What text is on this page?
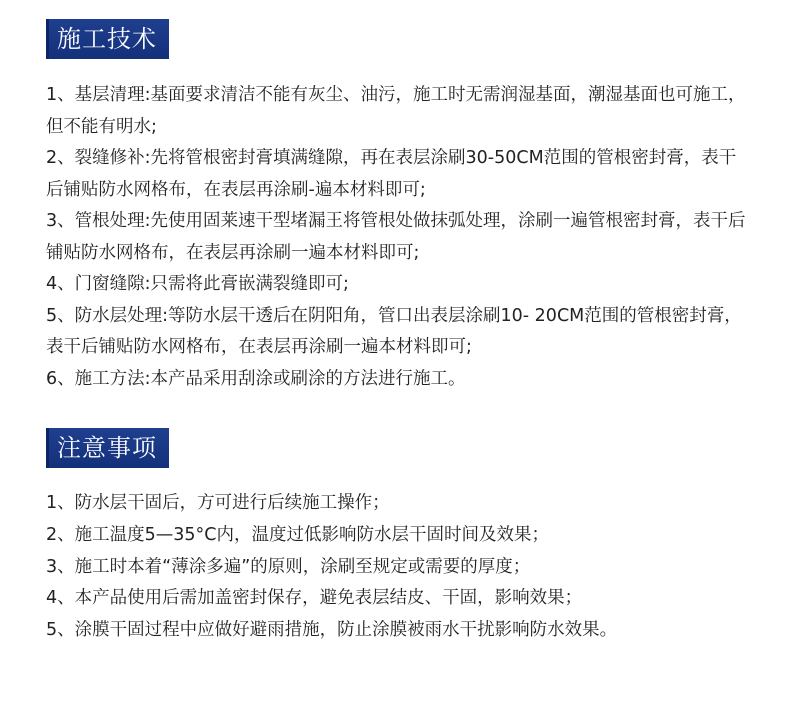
施工技术
1、基层清理:基面要求清洁不能有灰尘、油污，施工时无需润湿基面，潮湿基面也可施工，但不能有明水;
2、裂缝修补:先将管根密封膏填满缝隙，再在表层涂刷30-50CM范围的管根密封膏，表干后铺贴防水网格布，在表层再涂刷-遍本材料即可;
3、管根处理:先使用固莱速干型堵漏王将管根处做抹弧处理，涂刷一遍管根密封膏，表干后铺贴防水网格布，在表层再涂刷一遍本材料即可;
4、门窗缝隙:只需将此膏嵌满裂缝即可;
5、防水层处理:等防水层干透后在阴阳角，管口出表层涂刷10- 20CM范围的管根密封膏，表干后铺贴防水网格布，在表层再涂刷一遍本材料即可;
6、施工方法:本产品采用刮涂或刷涂的方法进行施工。
注意事项
1、防水层干固后，方可进行后续施工操作；
2、施工温度5—35°C内，温度过低影响防水层干固时间及效果；
3、施工时本着“薄涂多遍”的原则，涂刷至规定或需要的厚度；
4、本产品使用后需加盖密封保存，避免表层结皮、干固，影响效果；
5、涂膜干固过程中应做好避雨措施，防止涂膜被雨水干扰影响防水效果。
